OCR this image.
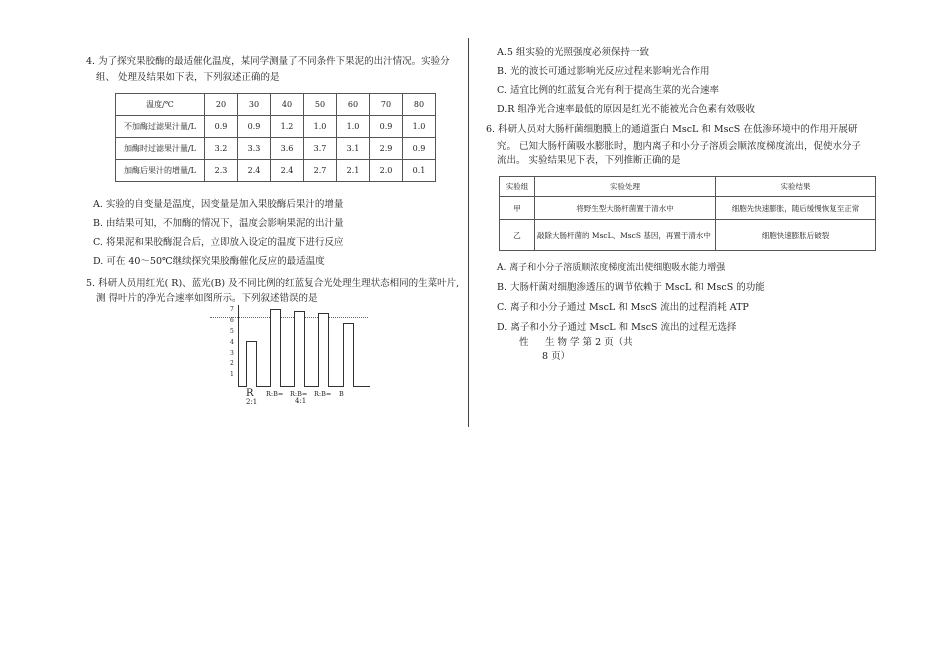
4. 为了探究果胶酶的最适催化温度，某同学测量了不同条件下果泥的出汁情况。实验分
组、 处理及结果如下表，下列叙述正确的是
温度/℃	20	30	40	50	60	70	80
不加酶过滤果汁量/L	0.9	0.9	1.2	1.0	1.0	0.9	1.0
加酶时过滤果汁量/L	3.2	3.3	3.6	3.7	3.1	2.9	0.9
加酶后果汁的增量/L	2.3	2.4	2.4	2.7	2.1	2.0	0.1
A. 实验的自变量是温度，因变量是加入果胶酶后果汁的增量
B. 由结果可知，不加酶的情况下，温度会影响果泥的出汁量
C. 将果泥和果胶酶混合后，立即放入设定的温度下进行反应
D. 可在 40～50℃继续探究果胶酶催化反应的最适温度
5. 科研人员用红光( R)、蓝光(B) 及不同比例的红蓝复合光处理生理状态相同的生菜叶片,
测 得叶片的净光合速率如图所示。下列叙述错误的是
7
6
5
4
3
2
1
R R:B= R:B= R:B= B
2:1	4:1
A.5 组实验的光照强度必须保持一致
B. 光的波长可通过影响光反应过程来影响光合作用
C. 适宜比例的红蓝复合光有利于提高生菜的光合速率
D.R 组净光合速率最低的原因是红光不能被光合色素有效吸收
6. 科研人员对大肠杆菌细胞膜上的通道蛋白 MscL 和 MscS 在低渗环境中的作用开展研
究。 已知大肠杆菌吸水膨胀时，胞内离子和小分子溶质会顺浓度梯度流出，促使水分子
流出。 实验结果见下表，下列推断正确的是
实验组	实验处理	实验结果
甲	将野生型大肠杆菌置于清水中	细胞先快速膨胀，随后缓慢恢复至正常
乙	敲除大肠杆菌的 MscL、MscS 基因，再置于清水中	细胞快速膨胀后破裂
A. 离子和小分子溶质顺浓度梯度流出使细胞吸水能力增强
B. 大肠杆菌对细胞渗透压的调节依赖于 MscL 和 MscS 的功能
C. 离子和小分子通过 MscL 和 MscS 流出的过程消耗 ATP
D. 离子和小分子通过 MscL 和 MscS 流出的过程无选择
性 生 物 学 第 2 页（共
8 页）
